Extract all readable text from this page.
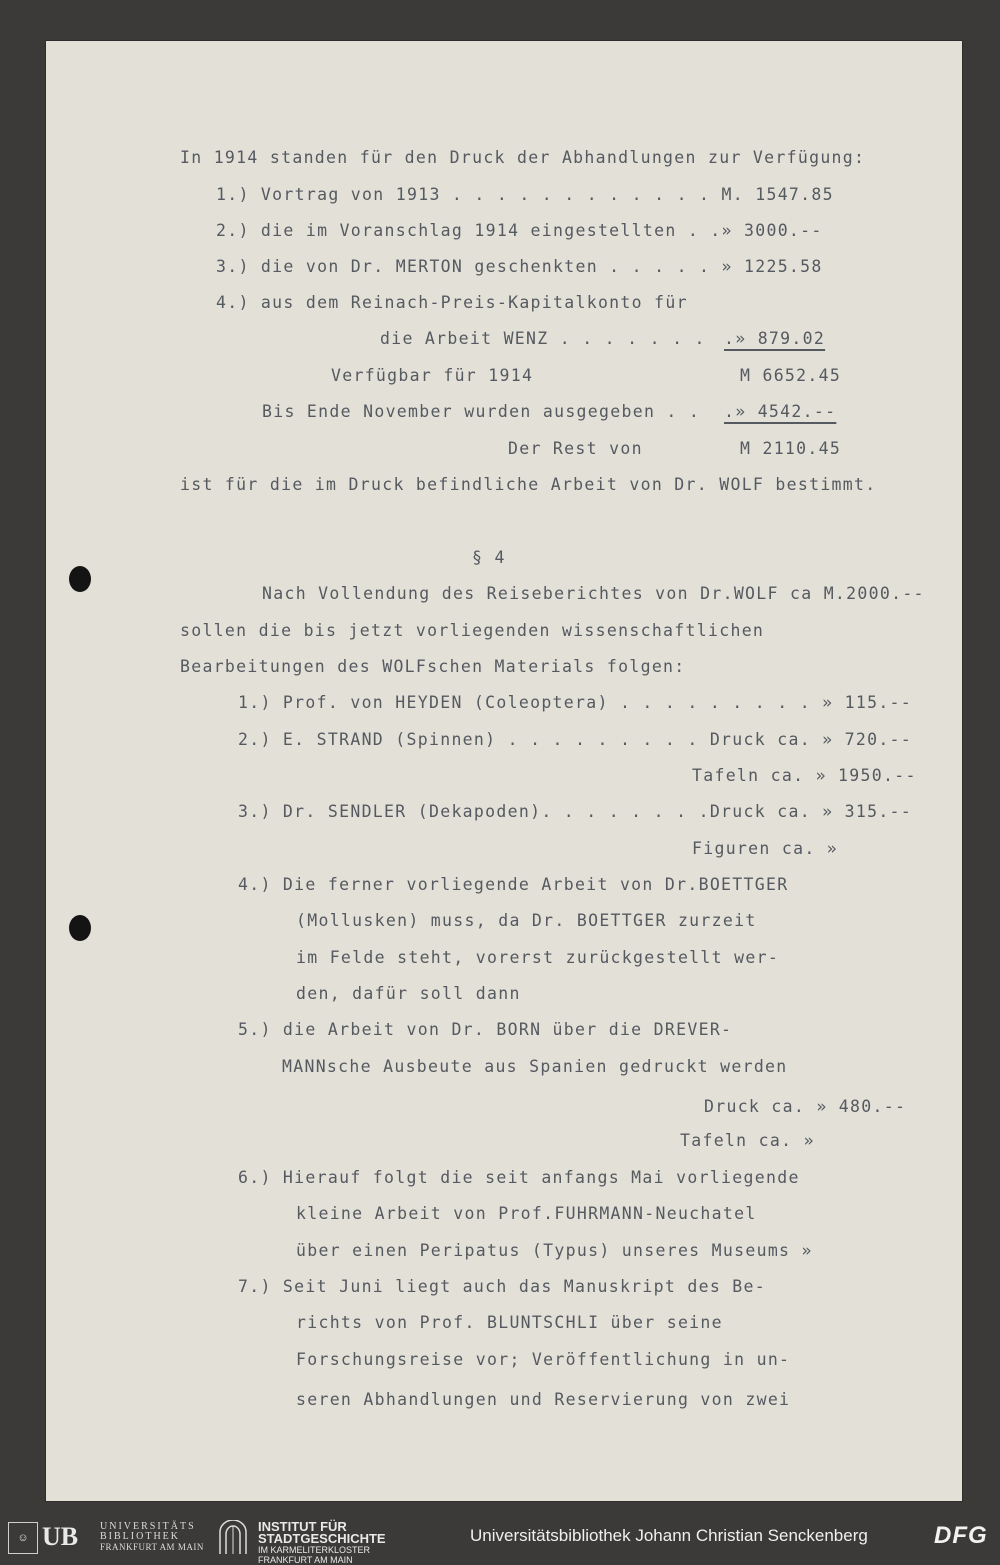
In 1914 standen für den Druck der Abhandlungen zur Verfügung:
1.) Vortrag von 1913 . . . . . . . . . . . . M. 1547.85
2.) die im Voranschlag 1914 eingestellten . .» 3000.--
3.) die von Dr. MERTON geschenkten . . . . . » 1225.58
4.) aus dem Reinach-Preis-Kapitalkonto für
die Arbeit WENZ . . . . . . . .» 879.02
Verfügbar für 1914	M 6652.45
Bis Ende November wurden ausgegeben . . .» 4542.--
Der Rest von	M 2110.45
ist für die im Druck befindliche Arbeit von Dr. WOLF bestimmt.
§ 4
Nach Vollendung des Reiseberichtes von Dr.WOLF ca M.2000.--
sollen die bis jetzt vorliegenden wissenschaftlichen
Bearbeitungen des WOLFschen Materials folgen:
1.) Prof. von HEYDEN (Coleoptera) . . . . . . . . . » 115.--
2.) E. STRAND (Spinnen) . . . . . . . . . Druck ca. » 720.--
Tafeln ca. » 1950.--
3.) Dr. SENDLER (Dekapoden). . . . . . . .Druck ca. » 315.--
Figuren ca. »
4.) Die ferner vorliegende Arbeit von Dr.BOETTGER
(Mollusken) muss, da Dr. BOETTGER zurzeit
im Felde steht, vorerst zurückgestellt wer-
den, dafür soll dann
5.) die Arbeit von Dr. BORN über die DREVER-
MANNsche Ausbeute aus Spanien gedruckt werden
Druck ca. » 480.--
Tafeln ca. »
6.) Hierauf folgt die seit anfangs Mai vorliegende
kleine Arbeit von Prof.FUHRMANN-Neuchatel
über einen Peripatus (Typus) unseres Museums »
7.) Seit Juni liegt auch das Manuskript des Be-
richts von Prof. BLUNTSCHLI über seine
Forschungsreise vor; Veröffentlichung in un-
seren Abhandlungen und Reservierung von zwei
☺ UB UNIVERSITÄTS
BIBLIOTHEK
FRANKFURT AM MAIN
INSTITUT FÜR
STADTGESCHICHTE
IM KARMELITERKLOSTER
FRANKFURT AM MAIN
Universitätsbibliothek Johann Christian Senckenberg	DFG
